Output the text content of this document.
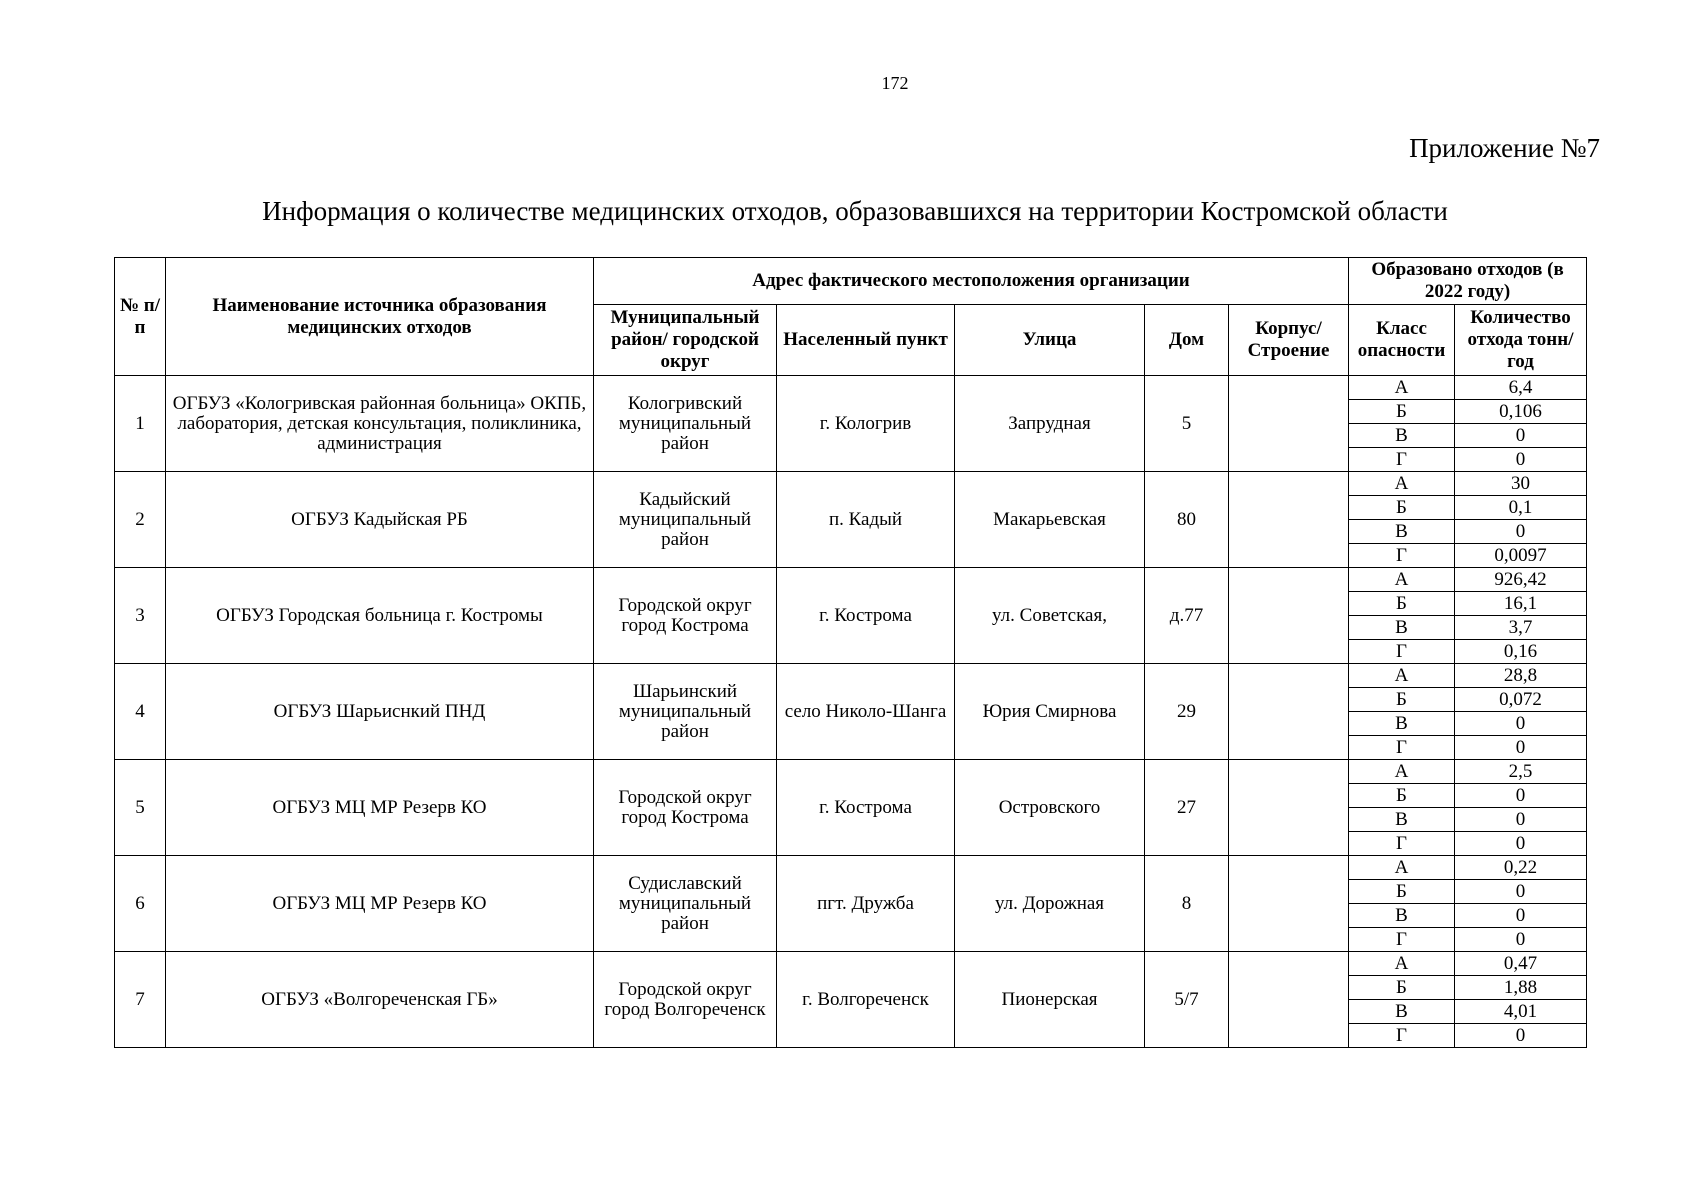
172
Приложение №7
Информация о количестве медицинских отходов, образовавшихся на территории Костромской области
№ п/п	Наименование источника образования медицинских отходов	Адрес фактического местоположения организации					Образовано отходов (в 2022 году)	
		Муниципальный район/ городской округ	Населенный пункт	Улица	Дом	Корпус/ Строение	Класс опасности	Количество отхода тонн/год
1	ОГБУЗ «Кологривская районная больница» ОКПБ, лаборатория, детская консультация, поликлиника, администрация	Кологривский муниципальный район	г. Кологрив	Запрудная	5		А	6,4
							Б	0,106
							В	0
							Г	0
2	ОГБУЗ Кадыйская РБ	Кадыйский муниципальный район	п. Кадый	Макарьевская	80		А	30
							Б	0,1
							В	0
							Г	0,0097
3	ОГБУЗ Городская больница г. Костромы	Городской округ город Кострома	г. Кострома	ул. Советская,	д.77		А	926,42
							Б	16,1
							В	3,7
							Г	0,16
4	ОГБУЗ Шарьиснкий ПНД	Шарьинский муниципальный район	село Николо-Шанга	Юрия Смирнова	29		А	28,8
							Б	0,072
							В	0
							Г	0
5	ОГБУЗ МЦ МР Резерв КО	Городской округ город Кострома	г. Кострома	Островского	27		А	2,5
							Б	0
							В	0
							Г	0
6	ОГБУЗ МЦ МР Резерв КО	Судиславский муниципальный район	пгт. Дружба	ул. Дорожная	8		А	0,22
							Б	0
							В	0
							Г	0
7	ОГБУЗ «Волгореченская ГБ»	Городской округ город Волгореченск	г. Волгореченск	Пионерская	5/7		А	0,47
							Б	1,88
							В	4,01
							Г	0
